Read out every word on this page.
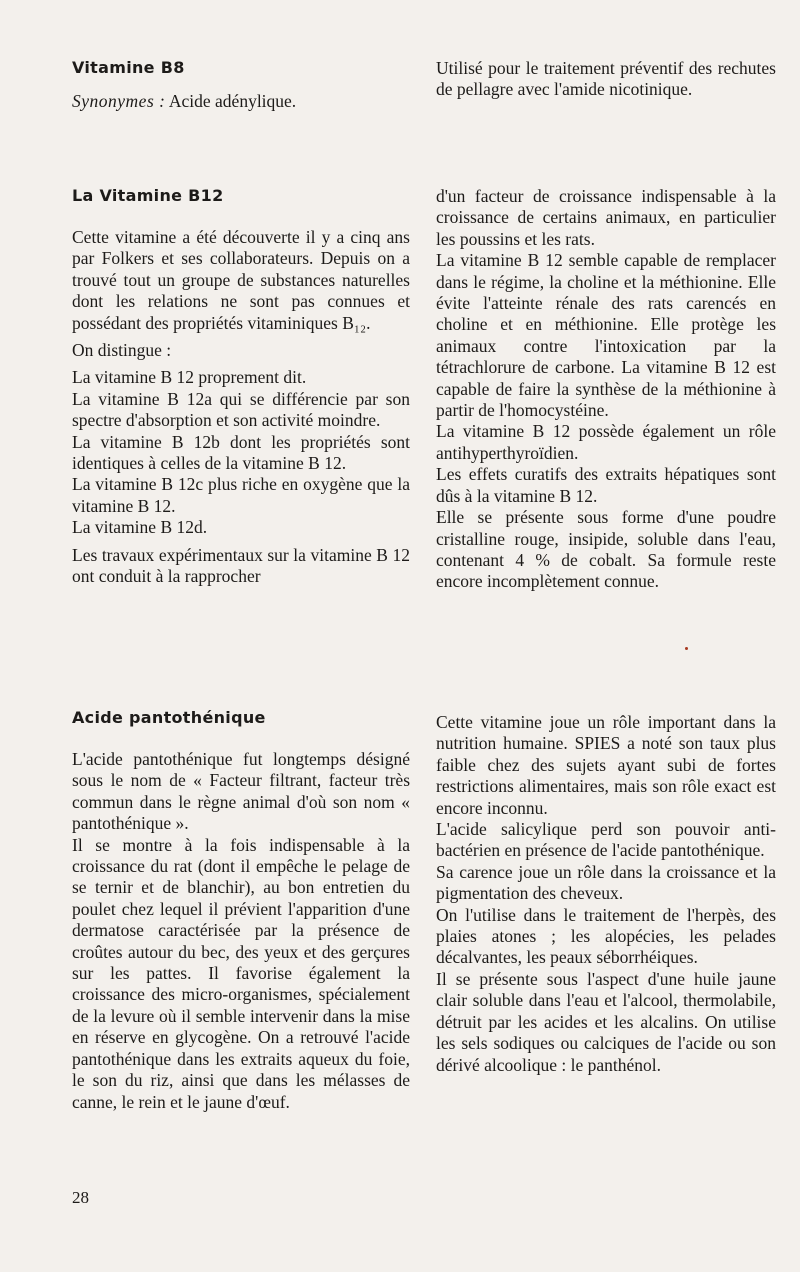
Vitamine B8

Synonymes : Acide adénylique.

Utilisé pour le traitement préventif des rechutes de pellagre avec l'amide nicotinique.

La Vitamine B12

Cette vitamine a été découverte il y a cinq ans par Folkers et ses collaborateurs. Depuis on a trouvé tout un groupe de substances naturelles dont les relations ne sont pas connues et possédant des propriétés vitaminiques B₁₂.

On distingue :

La vitamine B 12 proprement dit.

La vitamine B 12a qui se différencie par son spectre d'absorption et son activité moindre.

La vitamine B 12b dont les propriétés sont identiques à celles de la vitamine B 12.

La vitamine B 12c plus riche en oxygène que la vitamine B 12.

La vitamine B 12d.

Les travaux expérimentaux sur la vitamine B 12 ont conduit à la rapprocher

d'un facteur de croissance indispensable à la croissance de certains animaux, en particulier les poussins et les rats.

La vitamine B 12 semble capable de remplacer dans le régime, la choline et la méthionine. Elle évite l'atteinte rénale des rats carencés en choline et en méthionine. Elle protège les animaux contre l'intoxication par la tétrachlorure de carbone. La vitamine B 12 est capable de faire la synthèse de la méthionine à partir de l'homocystéine.

La vitamine B 12 possède également un rôle antihyperthyroïdien.

Les effets curatifs des extraits hépatiques sont dûs à la vitamine B 12.

Elle se présente sous forme d'une poudre cristalline rouge, insipide, soluble dans l'eau, contenant 4 % de cobalt. Sa formule reste encore incomplètement connue.

Acide pantothénique

L'acide pantothénique fut longtemps désigné sous le nom de « Facteur filtrant, facteur très commun dans le règne animal d'où son nom « pantothénique ».

Il se montre à la fois indispensable à la croissance du rat (dont il empêche le pelage de se ternir et de blanchir), au bon entretien du poulet chez lequel il prévient l'apparition d'une dermatose caractérisée par la présence de croûtes autour du bec, des yeux et des gerçures sur les pattes. Il favorise également la croissance des micro-organismes, spécialement de la levure où il semble intervenir dans la mise en réserve en glycogène. On a retrouvé l'acide pantothénique dans les extraits aqueux du foie, le son du riz, ainsi que dans les mélasses de canne, le rein et le jaune d'œuf.

Cette vitamine joue un rôle important dans la nutrition humaine. SPIES a noté son taux plus faible chez des sujets ayant subi de fortes restrictions alimentaires, mais son rôle exact est encore inconnu.

L'acide salicylique perd son pouvoir anti-bactérien en présence de l'acide pantothénique.

Sa carence joue un rôle dans la croissance et la pigmentation des cheveux.

On l'utilise dans le traitement de l'herpès, des plaies atones ; les alopécies, les pelades décalvantes, les peaux séborrhéiques.

Il se présente sous l'aspect d'une huile jaune clair soluble dans l'eau et l'alcool, thermolabile, détruit par les acides et les alcalins. On utilise les sels sodiques ou calciques de l'acide ou son dérivé alcoolique : le panthénol.

28
